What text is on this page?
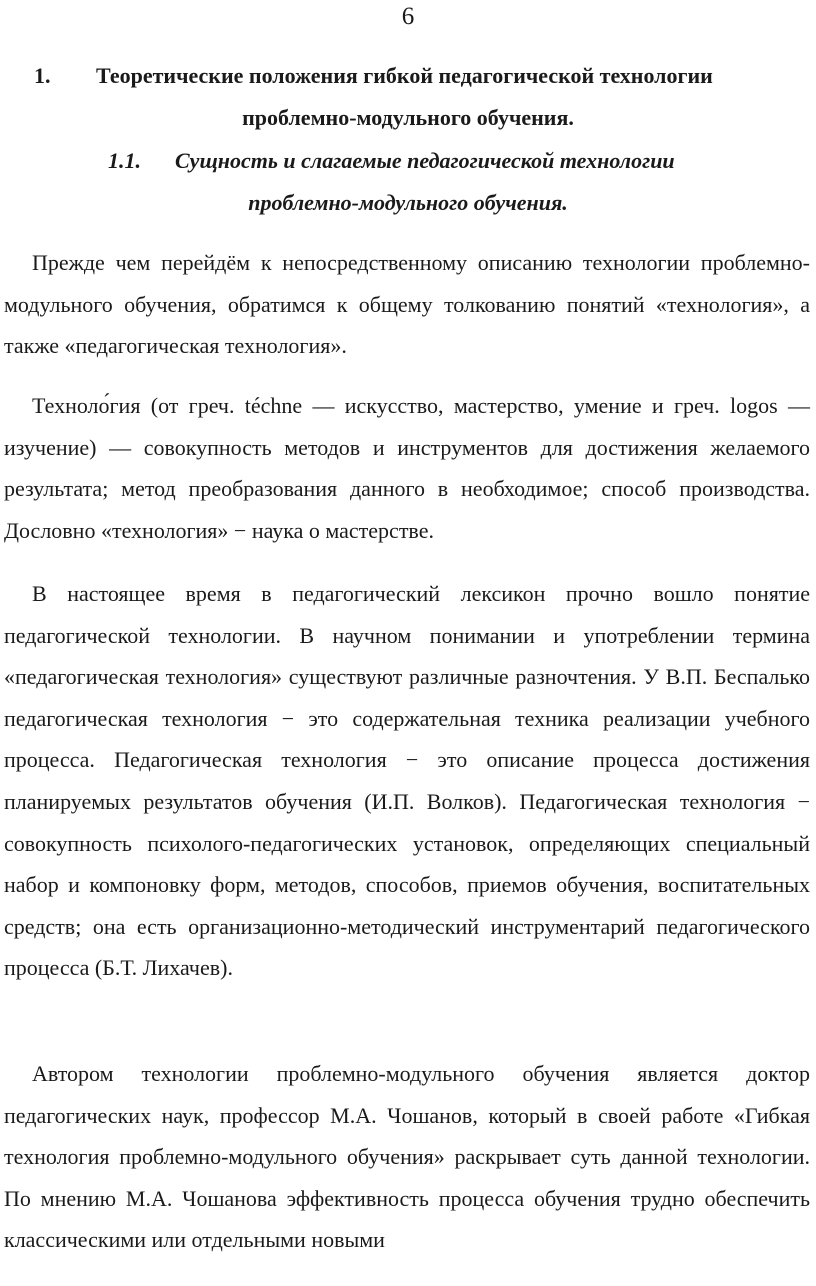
6
1. Теоретические положения гибкой педагогической технологии
проблемно-модульного обучения.
1.1. Сущность и слагаемые педагогической технологии
проблемно-модульного обучения.

Прежде чем перейдём к непосредственному описанию технологии проблемно-модульного обучения, обратимся к общему толкованию понятий «технология», а также «педагогическая технология».

Техноло́гия (от греч. téchne — искусство, мастерство, умение и греч. logos — изучение) — совокупность методов и инструментов для достижения желаемого результата; метод преобразования данного в необходимое; способ производства. Дословно «технология» − наука о мастерстве.

В настоящее время в педагогический лексикон прочно вошло понятие педагогической технологии. В научном понимании и употреблении термина «педагогическая технология» существуют различные разночтения. У В.П. Беспалько педагогическая технология − это содержательная техника реализации учебного процесса. Педагогическая технология − это описание процесса достижения планируемых результатов обучения (И.П. Волков). Педагогическая технология − совокупность психолого-педагогических установок, определяющих специальный набор и компоновку форм, методов, способов, приемов обучения, воспитательных средств; она есть организационно-методический инструментарий педагогического процесса (Б.Т. Лихачев).

Автором технологии проблемно-модульного обучения является доктор педагогических наук, профессор М.А. Чошанов, который в своей работе «Гибкая технология проблемно-модульного обучения» раскрывает суть данной технологии. По мнению М.А. Чошанова эффективность процесса обучения трудно обеспечить классическими или отдельными новыми
